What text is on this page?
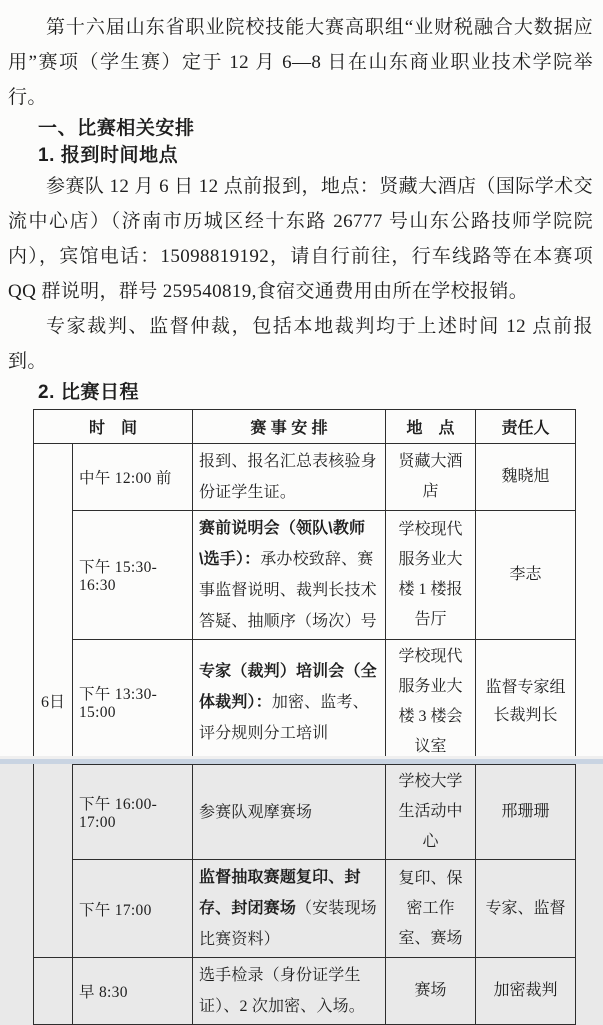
第十六届山东省职业院校技能大赛高职组“业财税融合大数据应用”赛项（学生赛）定于 12 月 6—8 日在山东商业职业技术学院举行。

一、比赛相关安排
1. 报到时间地点

参赛队 12 月 6 日 12 点前报到，地点：贤藏大酒店（国际学术交流中心店）（济南市历城区经十东路 26777 号山东公路技师学院院内），宾馆电话：15098819192，请自行前往，行车线路等在本赛项 QQ 群说明，群号 259540819,食宿交通费用由所在学校报销。

专家裁判、监督仲裁，包括本地裁判均于上述时间 12 点前报到。

2. 比赛日程
时　间		赛 事 安 排	地　点	责任人
6日	中午 12:00 前	报到、报名汇总表核验身份证学生证。	贤藏大酒店	魏晓旭
	下午 15:30-16:30	赛前说明会（领队\教师\选手）：承办校致辞、赛事监督说明、裁判长技术答疑、抽顺序（场次）号	学校现代服务业大楼 1 楼报告厅	李志
	下午 13:30-15:00	专家（裁判）培训会（全体裁判）：加密、监考、评分规则分工培训	学校现代服务业大楼 3 楼会议室	监督专家组长裁判长
	下午 16:00-17:00	参赛队观摩赛场	学校大学生活动中心	邢珊珊
	下午 17:00	监督抽取赛题复印、封存、封闭赛场（安装现场比赛资料）	复印、保密工作室、赛场	专家、监督
	早 8:30	选手检录（身份证学生证）、2 次加密、入场。	赛场	加密裁判
